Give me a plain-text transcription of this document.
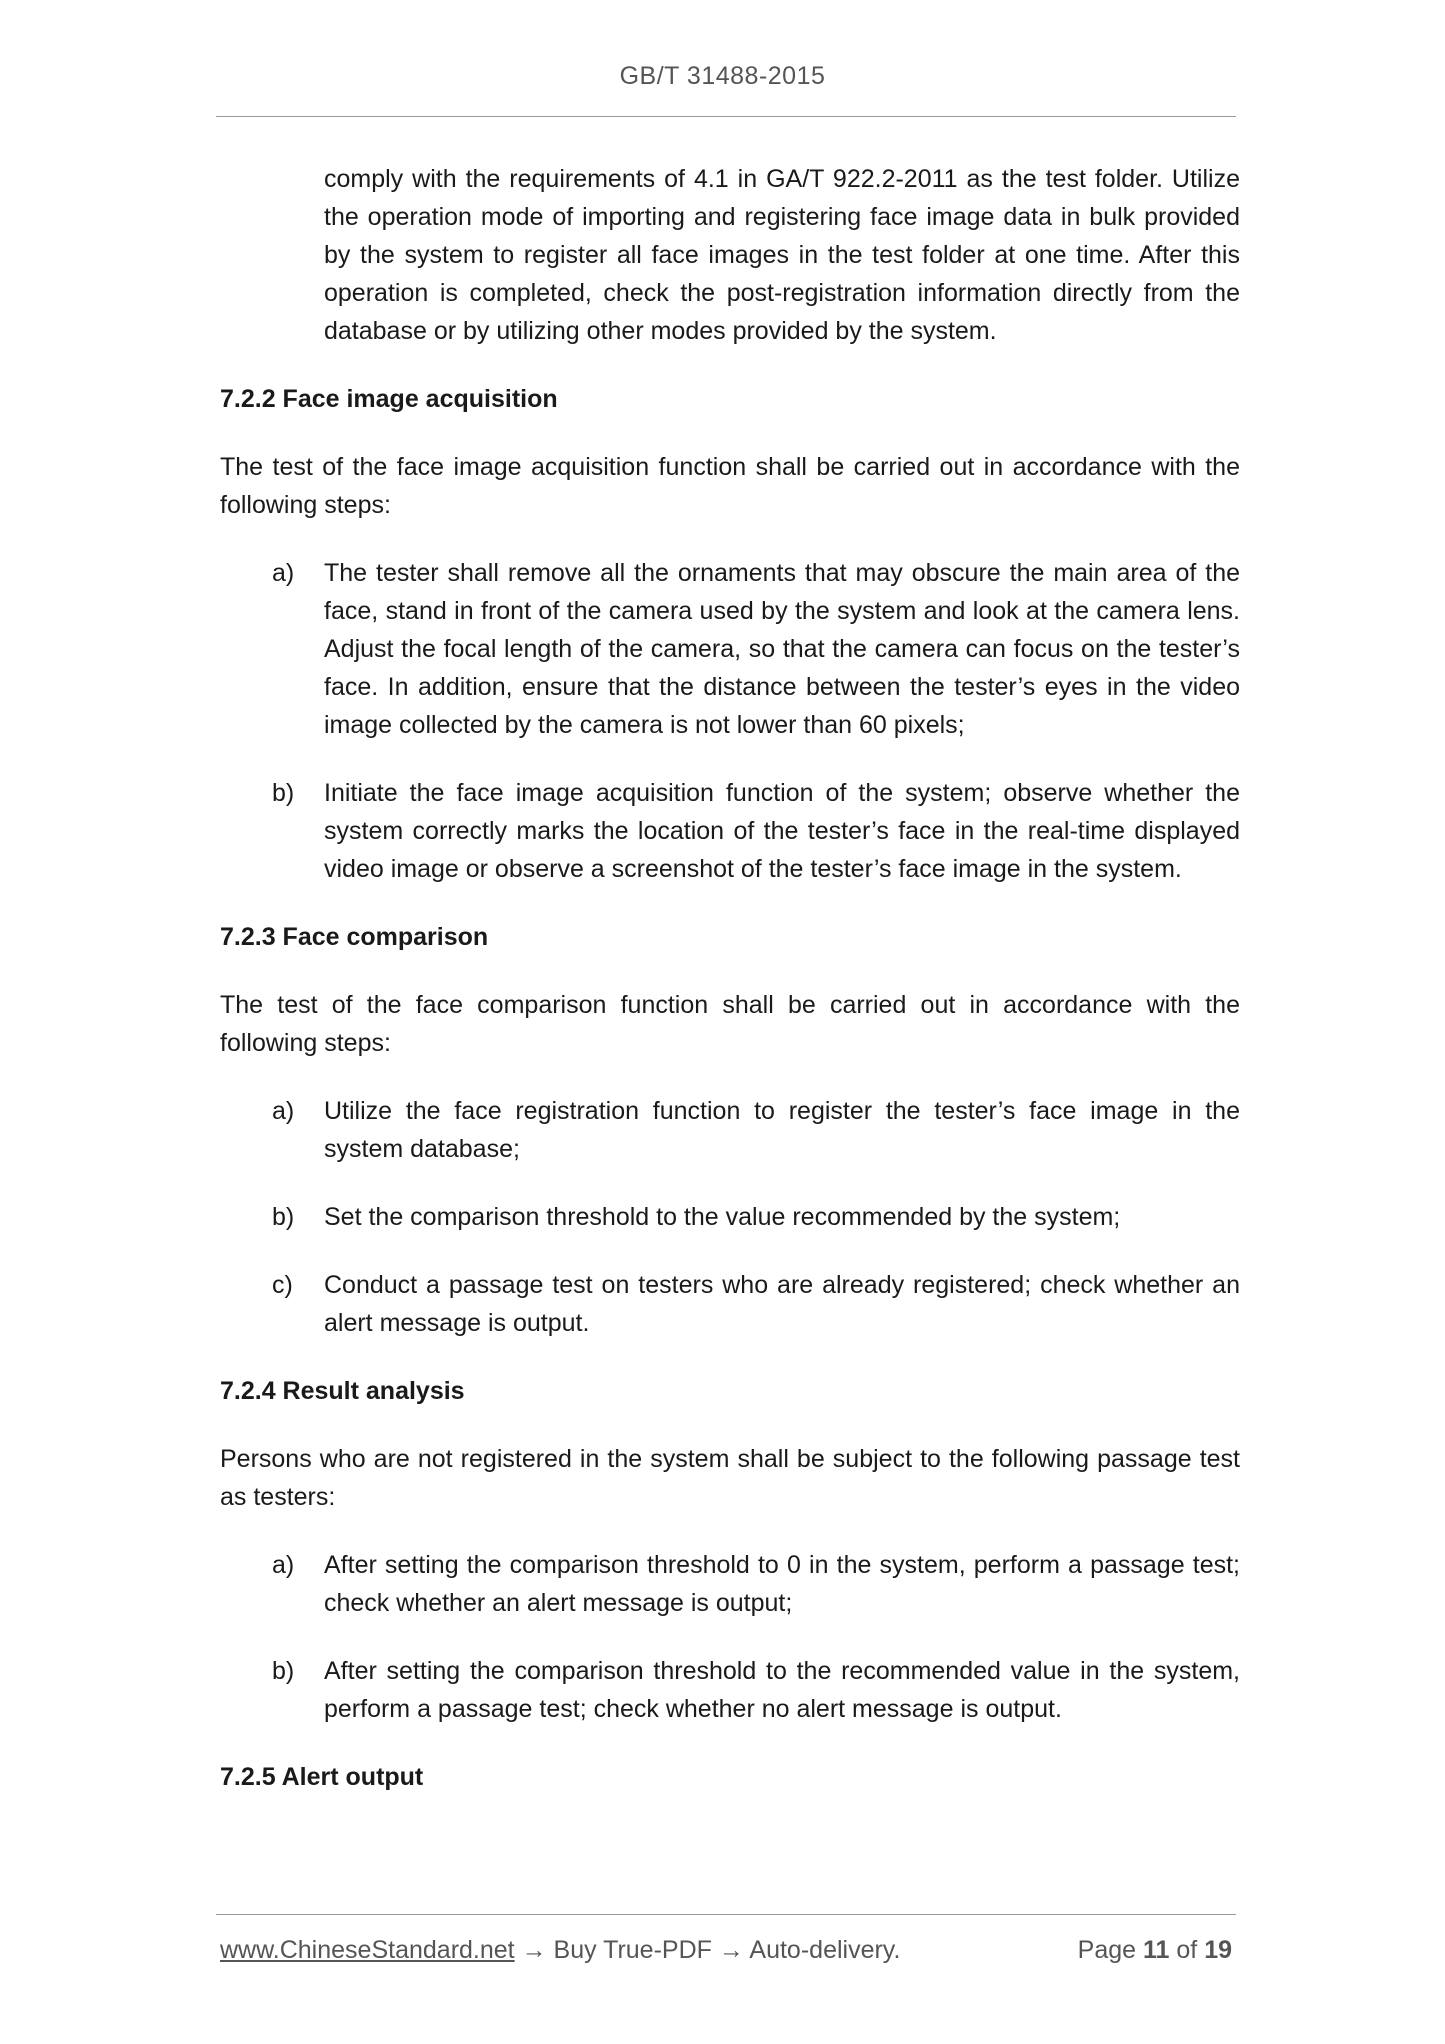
GB/T 31488-2015

comply with the requirements of 4.1 in GA/T 922.2-2011 as the test folder. Utilize the operation mode of importing and registering face image data in bulk provided by the system to register all face images in the test folder at one time. After this operation is completed, check the post-registration information directly from the database or by utilizing other modes provided by the system.

7.2.2 Face image acquisition

The test of the face image acquisition function shall be carried out in accordance with the following steps:

a)	The tester shall remove all the ornaments that may obscure the main area of the face, stand in front of the camera used by the system and look at the camera lens. Adjust the focal length of the camera, so that the camera can focus on the tester’s face. In addition, ensure that the distance between the tester’s eyes in the video image collected by the camera is not lower than 60 pixels;
b)	Initiate the face image acquisition function of the system; observe whether the system correctly marks the location of the tester’s face in the real-time displayed video image or observe a screenshot of the tester’s face image in the system.
7.2.3 Face comparison

The test of the face comparison function shall be carried out in accordance with the following steps:

a)	Utilize the face registration function to register the tester’s face image in the system database;
b)	Set the comparison threshold to the value recommended by the system;
c)	Conduct a passage test on testers who are already registered; check whether an alert message is output.
7.2.4 Result analysis

Persons who are not registered in the system shall be subject to the following passage test as testers:

a)	After setting the comparison threshold to 0 in the system, perform a passage test; check whether an alert message is output;
b)	After setting the comparison threshold to the recommended value in the system, perform a passage test; check whether no alert message is output.
7.2.5 Alert output
www.ChineseStandard.net → Buy True-PDF → Auto-delivery.	Page 11 of 19
